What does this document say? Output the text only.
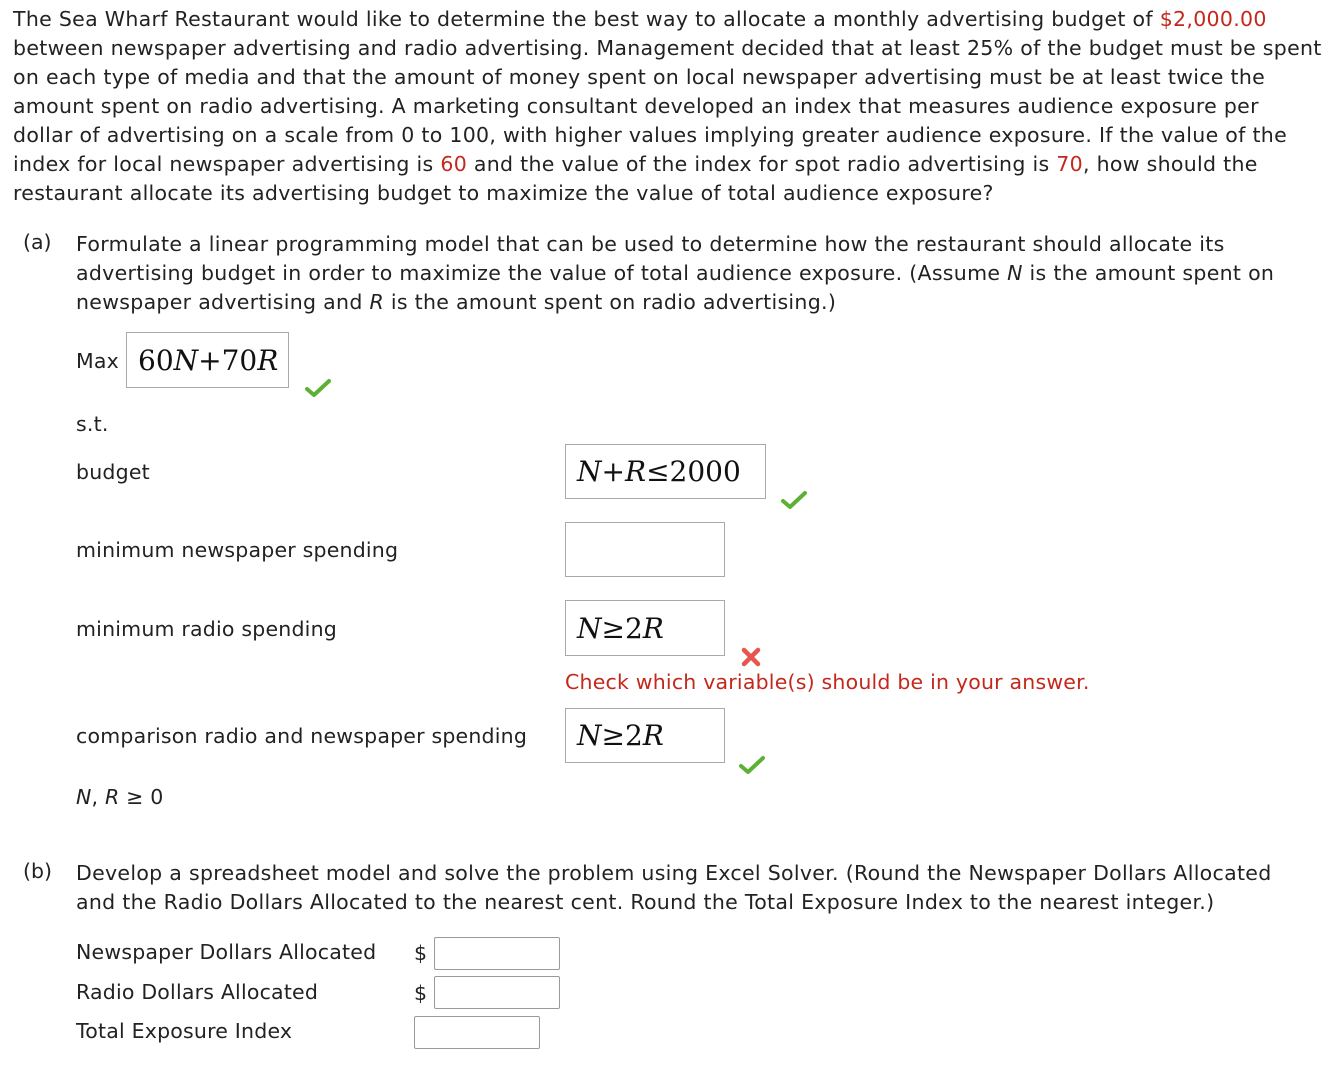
The Sea Wharf Restaurant would like to determine the best way to allocate a monthly advertising budget of $2,000.00 between newspaper advertising and radio advertising. Management decided that at least 25% of the budget must be spent on each type of media and that the amount of money spent on local newspaper advertising must be at least twice the amount spent on radio advertising. A marketing consultant developed an index that measures audience exposure per dollar of advertising on a scale from 0 to 100, with higher values implying greater audience exposure. If the value of the index for local newspaper advertising is 60 and the value of the index for spot radio advertising is 70, how should the restaurant allocate its advertising budget to maximize the value of total audience exposure?
(a) Formulate a linear programming model that can be used to determine how the restaurant should allocate its advertising budget in order to maximize the value of total audience exposure. (Assume N is the amount spent on newspaper advertising and R is the amount spent on radio advertising.)
Max 60 N + 70 R
s.t.
budget	N + R ≤ 2000
minimum newspaper spending
minimum radio spending	N ≥ 2 R
Check which variable(s) should be in your answer.
comparison radio and newspaper spending N ≥ 2 R
N, R ≥ 0
(b) Develop a spreadsheet model and solve the problem using Excel Solver. (Round the Newspaper Dollars Allocated and the Radio Dollars Allocated to the nearest cent. Round the Total Exposure Index to the nearest integer.)
Newspaper Dollars Allocated $
Radio Dollars Allocated	$
Total Exposure Index
